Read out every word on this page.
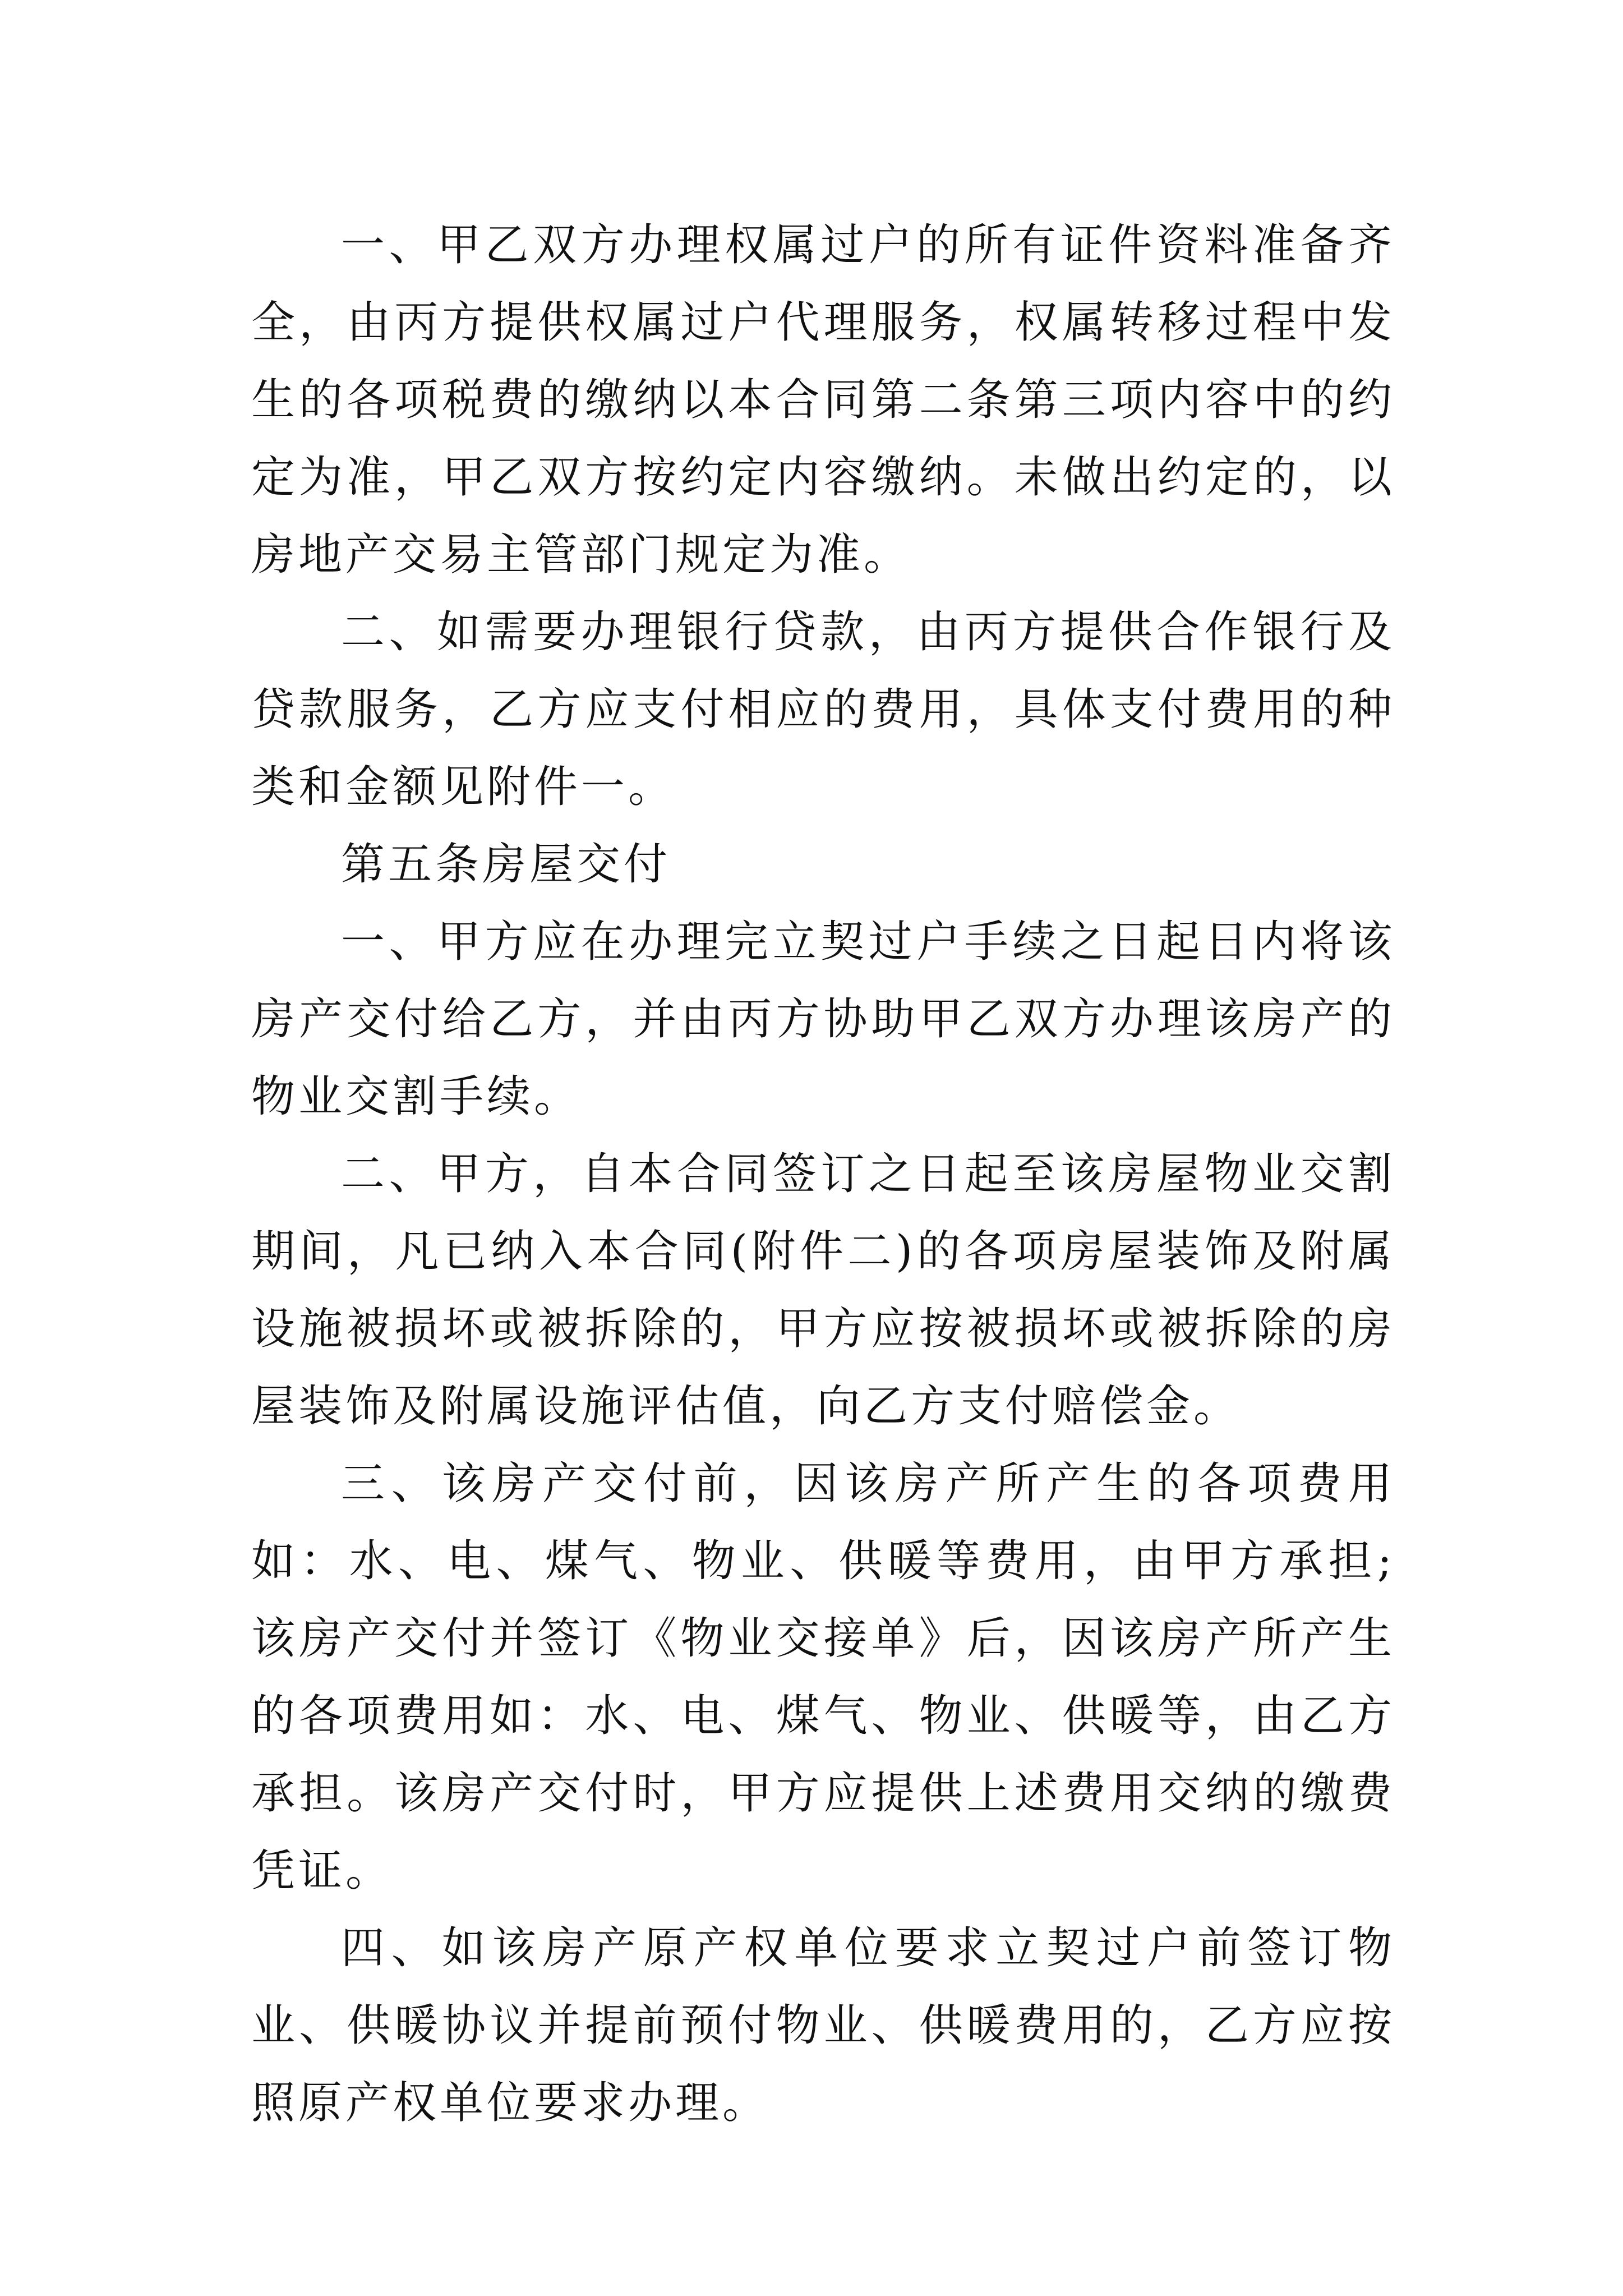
一、甲乙双方办理权属过户的所有证件资料准备齐全，由丙方提供权属过户代理服务，权属转移过程中发生的各项税费的缴纳以本合同第二条第三项内容中的约定为准，甲乙双方按约定内容缴纳。未做出约定的，以房地产交易主管部门规定为准。

二、如需要办理银行贷款，由丙方提供合作银行及贷款服务，乙方应支付相应的费用，具体支付费用的种类和金额见附件一。

第五条房屋交付

一、甲方应在办理完立契过户手续之日起日内将该房产交付给乙方，并由丙方协助甲乙双方办理该房产的物业交割手续。

二、甲方，自本合同签订之日起至该房屋物业交割期间，凡已纳入本合同(附件二)的各项房屋装饰及附属设施被损坏或被拆除的，甲方应按被损坏或被拆除的房屋装饰及附属设施评估值，向乙方支付赔偿金。

三、该房产交付前，因该房产所产生的各项费用如：水、电、煤气、物业、供暖等费用，由甲方承担;该房产交付并签订《物业交接单》后，因该房产所产生的各项费用如：水、电、煤气、物业、供暖等，由乙方承担。该房产交付时，甲方应提供上述费用交纳的缴费凭证。

四、如该房产原产权单位要求立契过户前签订物业、供暖协议并提前预付物业、供暖费用的，乙方应按照原产权单位要求办理。
